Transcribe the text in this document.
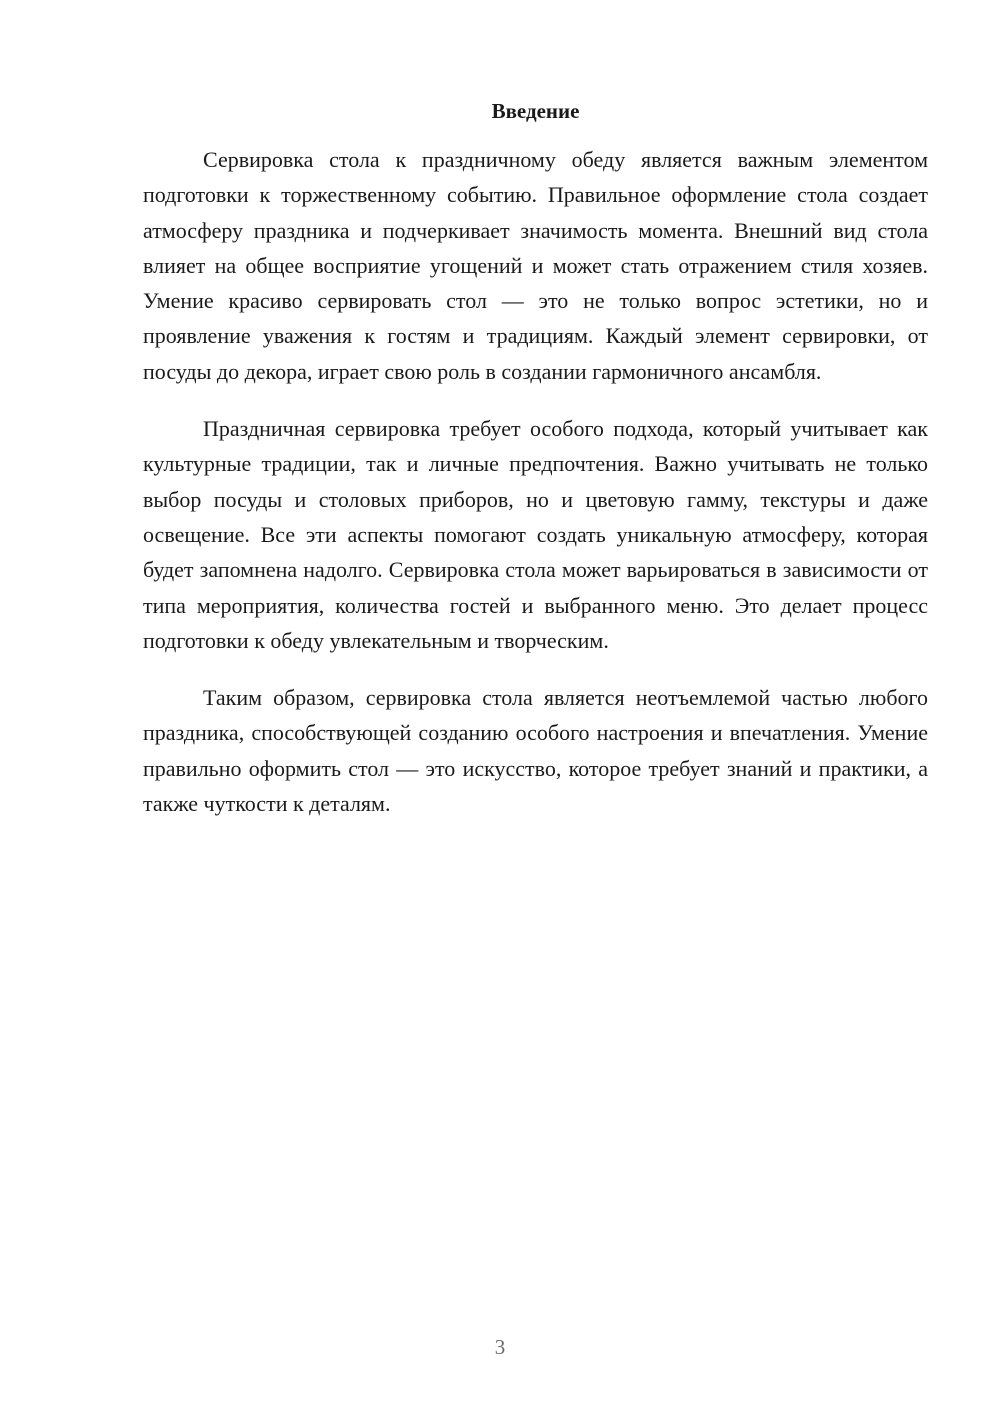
Введение

Сервировка стола к праздничному обеду является важным элементом подготовки к торжественному событию. Правильное оформление стола создает атмосферу праздника и подчеркивает значимость момента. Внешний вид стола влияет на общее восприятие угощений и может стать отражением стиля хозяев. Умение красиво сервировать стол — это не только вопрос эстетики, но и проявление уважения к гостям и традициям. Каждый элемент сервировки, от посуды до декора, играет свою роль в создании гармоничного ансамбля.

Праздничная сервировка требует особого подхода, который учитывает как культурные традиции, так и личные предпочтения. Важно учитывать не только выбор посуды и столовых приборов, но и цветовую гамму, текстуры и даже освещение. Все эти аспекты помогают создать уникальную атмосферу, которая будет запомнена надолго. Сервировка стола может варьироваться в зависимости от типа мероприятия, количества гостей и выбранного меню. Это делает процесс подготовки к обеду увлекательным и творческим.

Таким образом, сервировка стола является неотъемлемой частью любого праздника, способствующей созданию особого настроения и впечатления. Умение правильно оформить стол — это искусство, которое требует знаний и практики, а также чуткости к деталям.

3
